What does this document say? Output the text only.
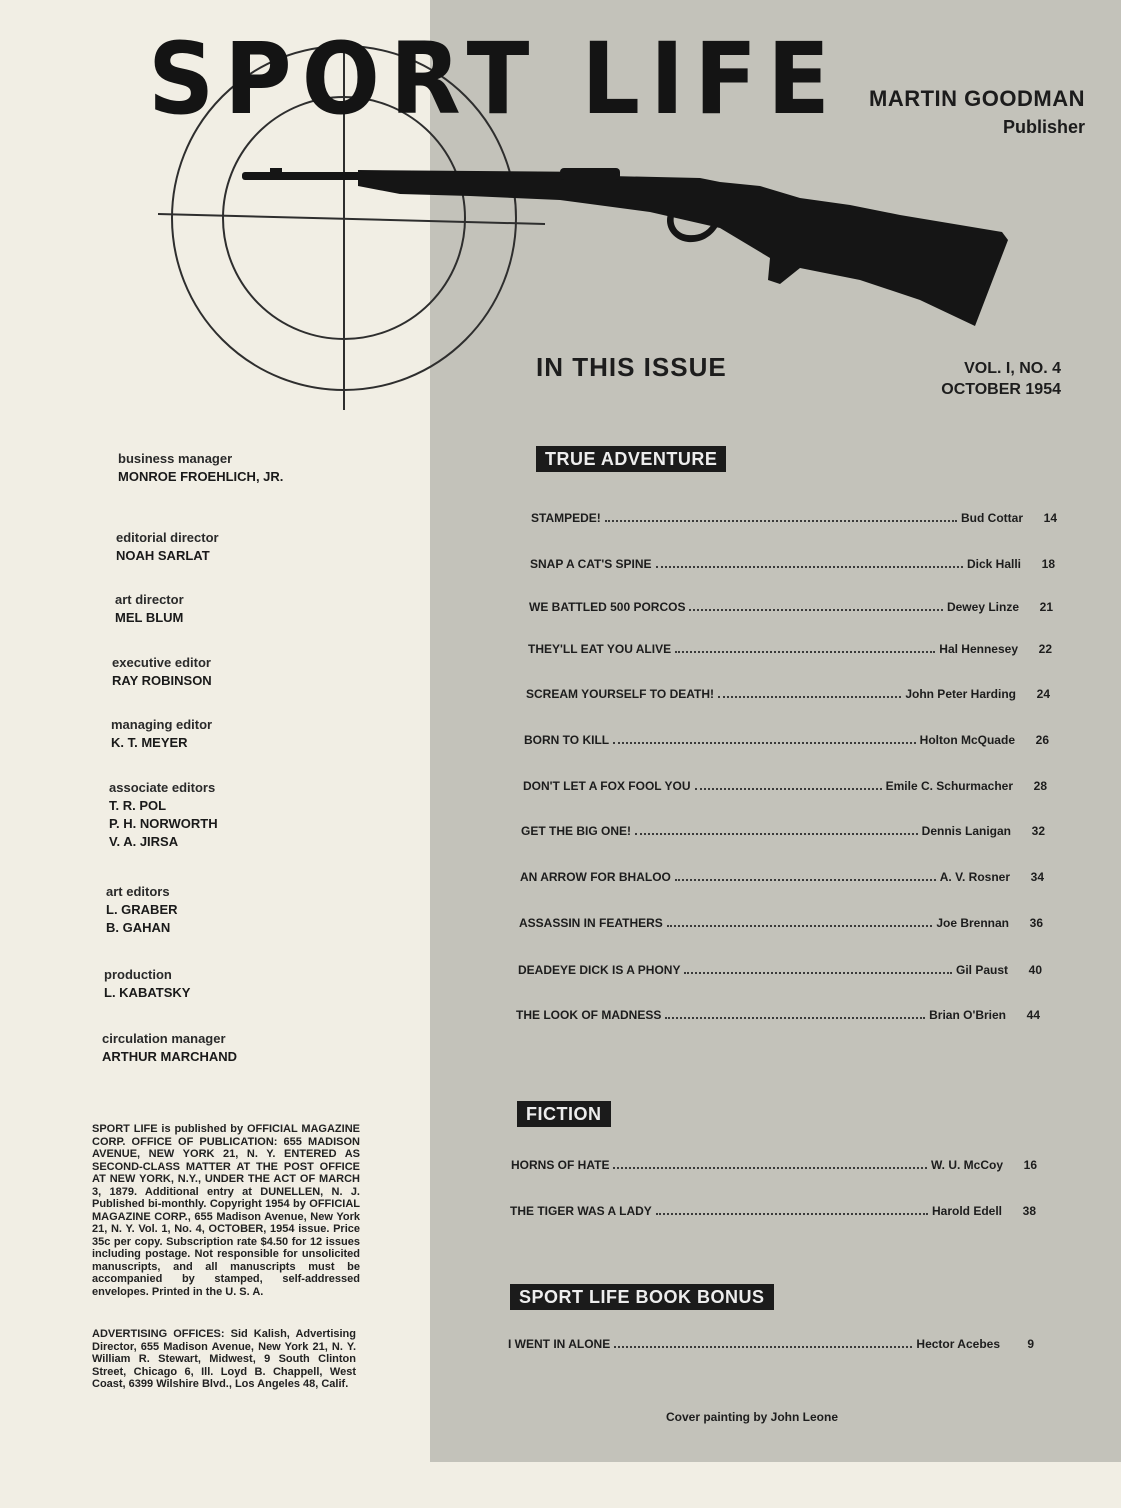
SPORT LIFE MARTIN GOODMAN
Publisher
IN THIS ISSUE	VOL. I, NO. 4
OCTOBER 1954
business manager
MONROE FROEHLICH, JR.
editorial director
NOAH SARLAT
art director
MEL BLUM
executive editor
RAY ROBINSON
managing editor
K. T. MEYER
associate editors
T. R. POL
P. H. NORWORTH
V. A. JIRSA
art editors
L. GRABER
B. GAHAN
production
L. KABATSKY
circulation manager
ARTHUR MARCHAND
TRUE ADVENTURE
FICTION
SPORT LIFE BOOK BONUS
STAMPEDE!	Bud Cottar	14
SNAP A CAT'S SPINE	Dick Halli	18
WE BATTLED 500 PORCOS	Dewey Linze	21
THEY'LL EAT YOU ALIVE	Hal Hennesey	22
SCREAM YOURSELF TO DEATH!	John Peter Harding	24
BORN TO KILL	Holton McQuade	26
DON'T LET A FOX FOOL YOU	Emile C. Schurmacher	28
GET THE BIG ONE!	Dennis Lanigan	32
AN ARROW FOR BHALOO	A. V. Rosner	34
ASSASSIN IN FEATHERS	Joe Brennan	36
DEADEYE DICK IS A PHONY	Gil Paust	40
THE LOOK OF MADNESS	Brian O'Brien	44
HORNS OF HATE	W. U. McCoy	16
THE TIGER WAS A LADY	Harold Edell	38
I WENT IN ALONE	Hector Acebes	9
SPORT LIFE is published by OFFICIAL MAGAZINE CORP. OFFICE OF PUBLICATION: 655 MADISON AVENUE, NEW YORK 21, N. Y. ENTERED AS SECOND-CLASS MATTER AT THE POST OFFICE AT NEW YORK, N.Y., UNDER THE ACT OF MARCH 3, 1879. Additional entry at DUNELLEN, N. J. Published bi-monthly. Copyright 1954 by OFFICIAL MAGAZINE CORP., 655 Madison Avenue, New York 21, N. Y. Vol. 1, No. 4, OCTOBER, 1954 issue. Price 35c per copy. Subscription rate $4.50 for 12 issues including postage. Not responsible for unsolicited manuscripts, and all manuscripts must be accompanied by stamped, self-addressed envelopes. Printed in the U. S. A.
ADVERTISING OFFICES: Sid Kalish, Advertising Director, 655 Madison Avenue, New York 21, N. Y. William R. Stewart, Midwest, 9 South Clinton Street, Chicago 6, Ill. Loyd B. Chappell, West Coast, 6399 Wilshire Blvd., Los Angeles 48, Calif.
Cover painting by John Leone
